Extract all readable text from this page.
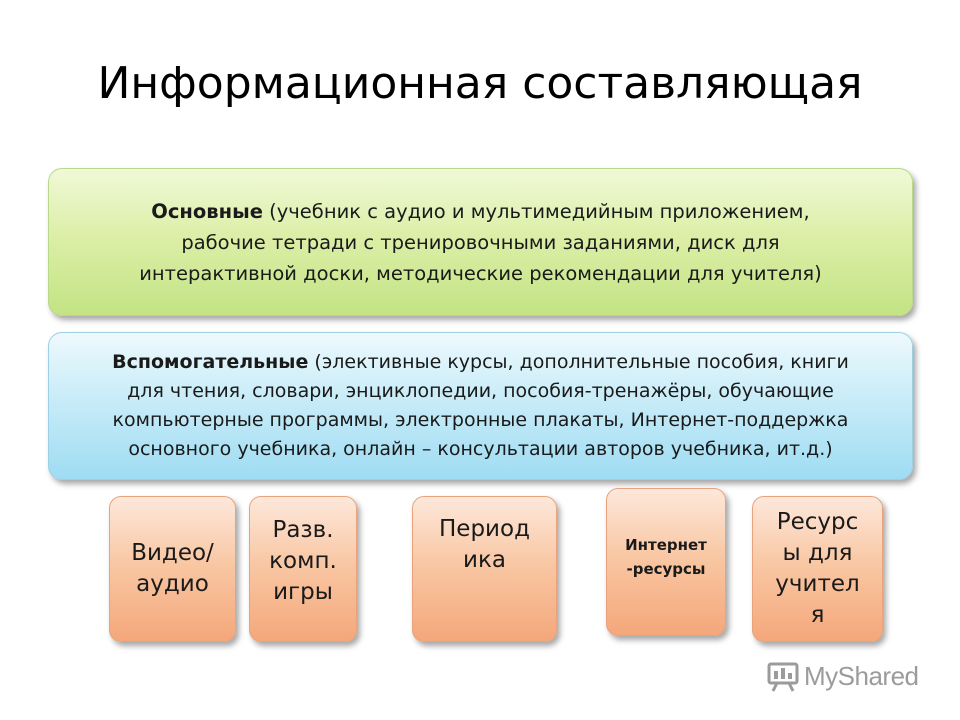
Информационная составляющая
Основные (учебник с аудио и мультимедийным приложением,
рабочие тетради с тренировочными заданиями, диск для
интерактивной доски, методические рекомендации для учителя)
Вспомогательные (элективные курсы, дополнительные пособия, книги
для чтения, словари, энциклопедии, пособия-тренажёры, обучающие
компьютерные программы, электронные плакаты, Интернет-поддержка
основного учебника, онлайн – консультации авторов учебника, ит.д.)
Видео/
аудио
Разв.
комп.
игры
Период
ика
Интернет
-ресурсы
Ресурс
ы для
учител
я
MyShared
